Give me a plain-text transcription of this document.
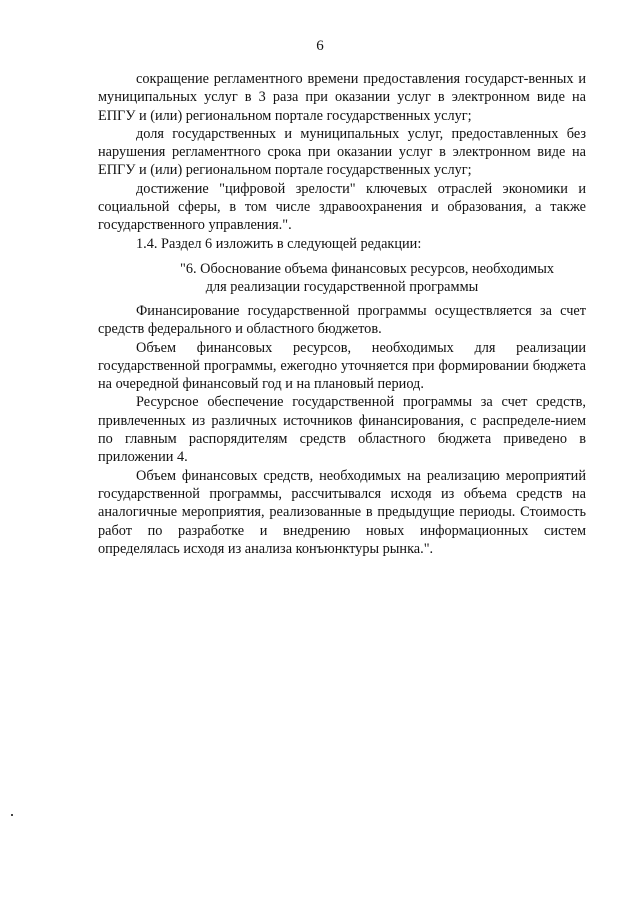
6

сокращение регламентного времени предоставления государст-венных и муниципальных услуг в 3 раза при оказании услуг в электронном виде на ЕПГУ и (или) региональном портале государственных услуг;

доля государственных и муниципальных услуг, предоставленных без нарушения регламентного срока при оказании услуг в электронном виде на ЕПГУ и (или) региональном портале государственных услуг;

достижение "цифровой зрелости" ключевых отраслей экономики и социальной сферы, в том числе здравоохранения и образования, а также государственного управления.".

1.4. Раздел 6 изложить в следующей редакции:

"6. Обоснование объема финансовых ресурсов, необходимых
для реализации государственной программы

Финансирование государственной программы осуществляется за счет средств федерального и областного бюджетов.

Объем финансовых ресурсов, необходимых для реализации государственной программы, ежегодно уточняется при формировании бюджета на очередной финансовый год и на плановый период.

Ресурсное обеспечение государственной программы за счет средств, привлеченных из различных источников финансирования, с распределе-нием по главным распорядителям средств областного бюджета приведено в приложении 4.

Объем финансовых средств, необходимых на реализацию мероприятий государственной программы, рассчитывался исходя из объема средств на аналогичные мероприятия, реализованные в предыдущие периоды. Стоимость работ по разработке и внедрению новых информационных систем определялась исходя из анализа конъюнктуры рынка.".
